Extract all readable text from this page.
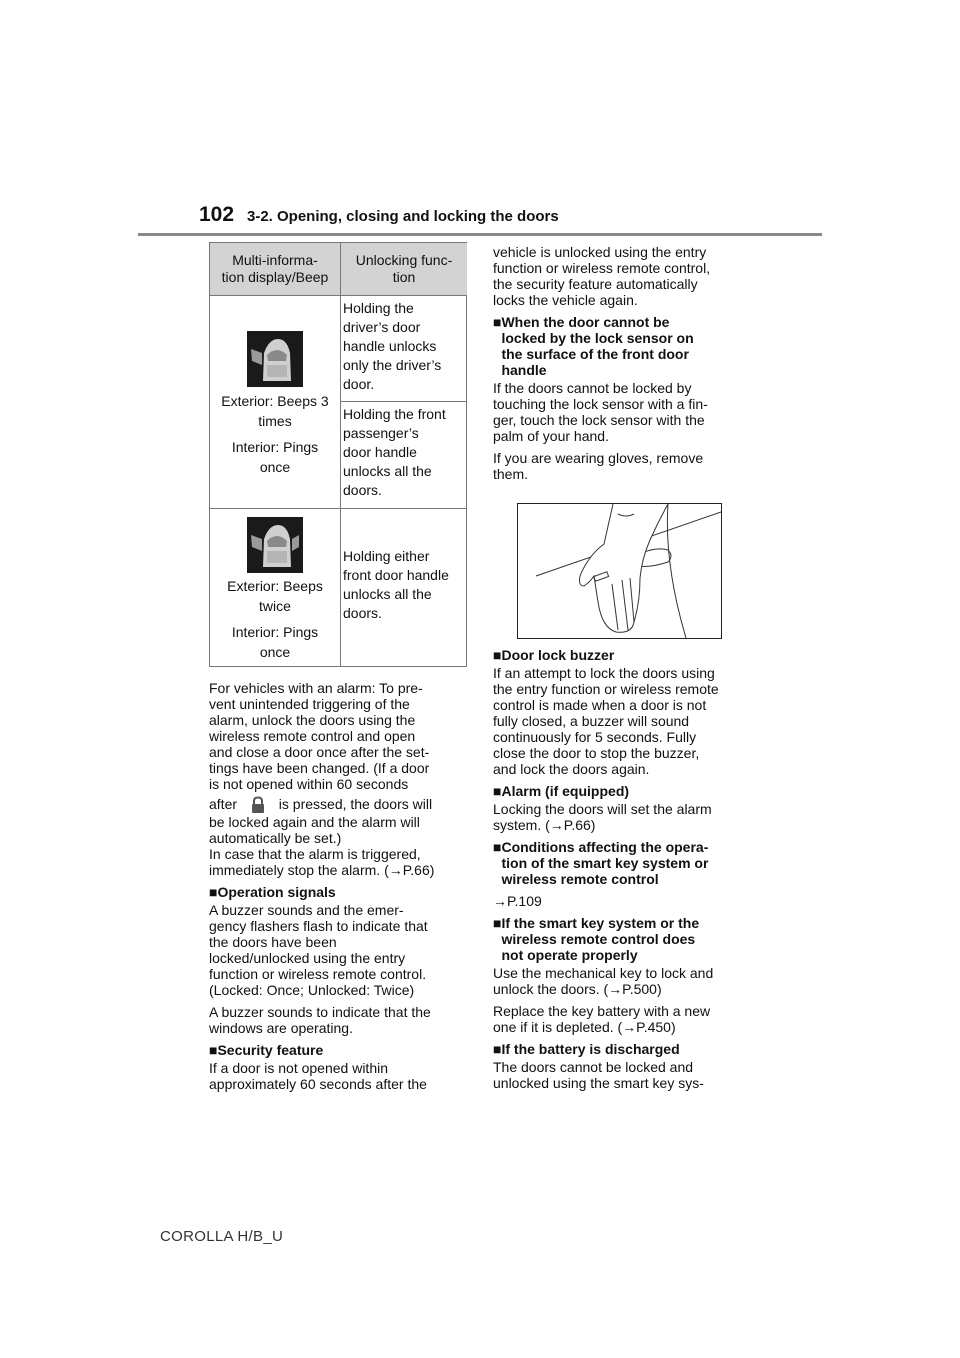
102 3-2. Opening, closing and locking the doors
Multi-informa-
tion display/Beep
Unlocking func-
tion
Exterior: Beeps 3
times
Interior: Pings
once
Holding the
driver’s door
handle unlocks
only the driver’s
door.
Holding the front
passenger’s
door handle
unlocks all the
doors.
Exterior: Beeps
twice
Interior: Pings
once
Holding either
front door handle
unlocks all the
doors.
For vehicles with an alarm: To pre-
vent unintended triggering of the
alarm, unlock the doors using the
wireless remote control and open
and close a door once after the set-
tings have been changed. (If a door
is not opened within 60 seconds
after	is pressed, the doors will
be locked again and the alarm will
automatically be set.)
In case that the alarm is triggered,
immediately stop the alarm. (→P.66)
■Operation signals
A buzzer sounds and the emer-
gency flashers flash to indicate that
the doors have been
locked/unlocked using the entry
function or wireless remote control.
(Locked: Once; Unlocked: Twice)
A buzzer sounds to indicate that the
windows are operating.
■Security feature
If a door is not opened within
approximately 60 seconds after the
vehicle is unlocked using the entry
function or wireless remote control,
the security feature automatically
locks the vehicle again.
■ When the door cannot be
locked by the lock sensor on
the surface of the front door
handle
If the doors cannot be locked by
touching the lock sensor with a fin-
ger, touch the lock sensor with the
palm of your hand.
If you are wearing gloves, remove
them.
■Door lock buzzer
If an attempt to lock the doors using
the entry function or wireless remote
control is made when a door is not
fully closed, a buzzer will sound
continuously for 5 seconds. Fully
close the door to stop the buzzer,
and lock the doors again.
■Alarm (if equipped)
Locking the doors will set the alarm
system. (→P.66)
■ Conditions affecting the opera-
tion of the smart key system or
wireless remote control
→P.109
■ If the smart key system or the
wireless remote control does
not operate properly
Use the mechanical key to lock and
unlock the doors. (→P.500)
Replace the key battery with a new
one if it is depleted. (→P.450)
■If the battery is discharged
The doors cannot be locked and
unlocked using the smart key sys-
COROLLA H/B_U
